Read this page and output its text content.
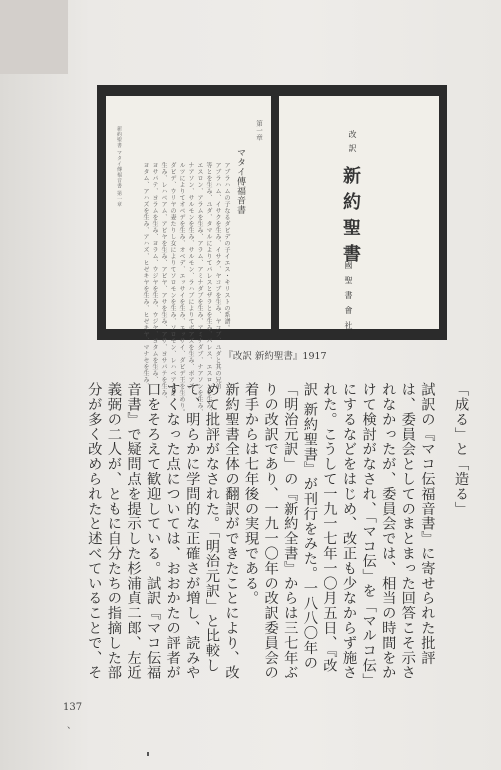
第一章
マタイ傳福音書
アブラハムの子なるダビデの子イエス・キリストの系譜。
アブラハム、イサクを生み、イサク、ヤコブを生み、ヤコブ、ユダと其の兄弟
等とを生み、ユダ、タマルによりてパレスとザラとを生み、パレス、エスロンを生み、
エスロン、アラムを生み、アラム、アミナダブを生み、アミナダブ、ナアソンを生み、
ナアソン、サルモンを生み、サルモン、ラハブによりてボアズを生み、ボアズ、
ルツによりてオベデを生み、オベデ、エッサイを生み、エッサイ、ダビデ王を生めり。
ダビデ、ウリヤの妻たりし女によりてソロモンを生み、ソロモン、レハベアムを
生み、レハベアム、アビヤを生み、アビヤ、アサを生み、アサ、ヨサパテを生み、
ヨサパテ、ヨラムを生み、ヨラム、ウジヤを生み、ウジヤ、ヨタムを生み、
ヨタム、アハズを生み、アハズ、ヒゼキヤを生み、ヒゼキヤ、マナセを生み、
新約聖書 マタイ傳福音書 第一章	改訳
新約聖書
米國聖書會社
『改訳 新約聖書』1917
「成る」と「造る」

試訳の『マコ伝福音書』に寄せられた批評は、委員会としてのまとまった回答こそ示されなかったが、委員会では、相当の時間をかけて検討がなされ、「マコ伝」を「マルコ伝」にするなどをはじめ、改正も少なからず施された。こうして一九一七年一〇月五日、『改訳 新約聖書』が刊行をみた。一八八〇年の「明治元訳」の『新約全書』からは三七年ぶりの改訳であり、一九一〇年の改訳委員会の着手からは七年後の実現である。

新約聖書全体の翻訳ができたことにより、改めて批評がなされた。「明治元訳」と比較して、明らかに学問的な正確さが増し、読みやすくなった点については、おおかたの評者が口をそろえて歓迎している。試訳『マコ伝福音書』で疑問点を提示した杉浦貞二郎、左近義弼の二人が、ともに自分たちの指摘した部分が多く改められたと述べていることで、そ

137
、
